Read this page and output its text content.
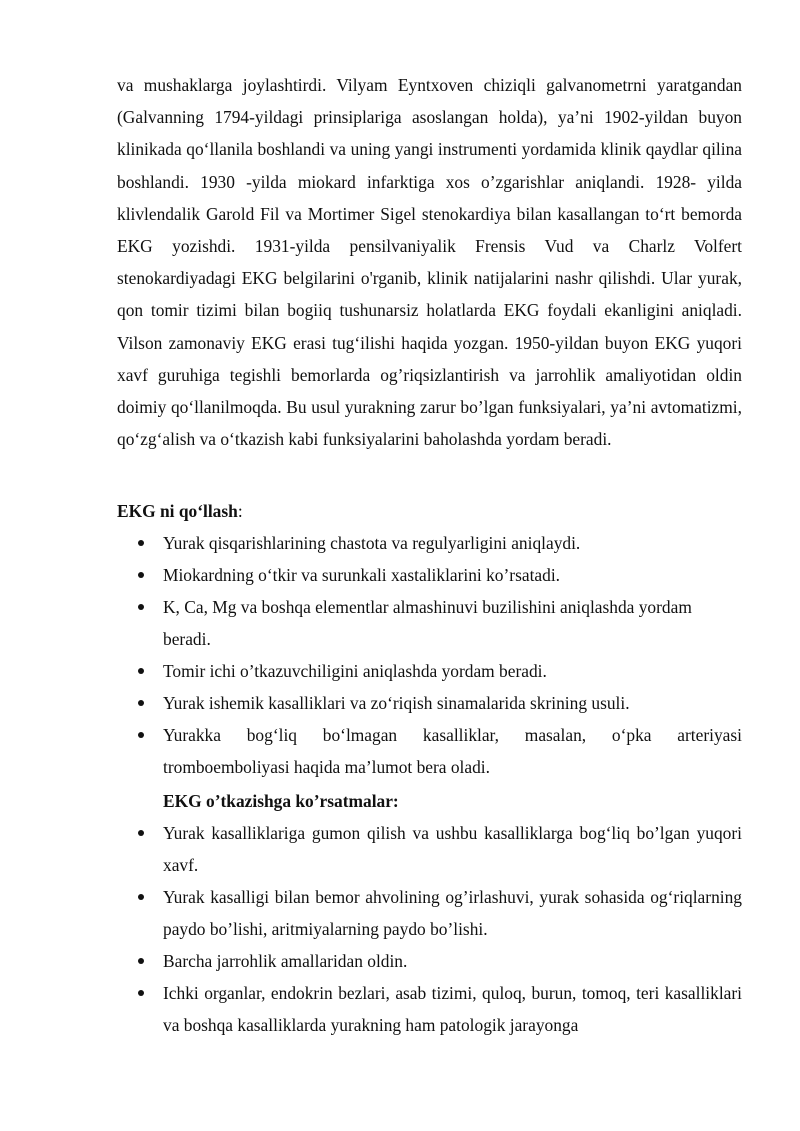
va mushaklarga joylashtirdi. Vilyam Eyntxoven chiziqli galvanometrni yaratgandan (Galvanning 1794-yildagi prinsiplariga asoslangan holda), ya’ni 1902-yildan buyon klinikada qo‘llanila boshlandi va uning yangi instrumenti yordamida klinik qaydlar qilina boshlandi. 1930 -yilda miokard infarktiga xos o’zgarishlar aniqlandi. 1928- yilda klivlendalik Garold Fil va Mortimer Sigel stenokardiya bilan kasallangan to‘rt bemorda EKG yozishdi. 1931-yilda pensilvaniyalik Frensis Vud va Charlz Volfert stenokardiyadagi EKG belgilarini o'rganib, klinik natijalarini nashr qilishdi. Ular yurak, qon tomir tizimi bilan bogiiq tushunarsiz holatlarda EKG foydali ekanligini aniqladi. Vilson zamonaviy EKG erasi tug‘ilishi haqida yozgan. 1950-yildan buyon EKG yuqori xavf guruhiga tegishli bemorlarda og’riqsizlantirish va jarrohlik amaliyotidan oldin doimiy qo‘llanilmoqda. Bu usul yurakning zarur bo’lgan funksiyalari, ya’ni avtomatizmi, qo‘zg‘alish va o‘tkazish kabi funksiyalarini baholashda yordam beradi.

EKG ni qo‘llash:

Yurak qisqarishlarining chastota va regulyarligini aniqlaydi.
Miokardning o‘tkir va surunkali xastaliklarini ko’rsatadi.
K, Ca, Mg va boshqa elementlar almashinuvi buzilishini aniqlashda yordam beradi.
Tomir ichi o’tkazuvchiligini aniqlashda yordam beradi.
Yurak ishemik kasalliklari va zo‘riqish sinamalarida skrining usuli.
Yurakka bog‘liq bo‘lmagan kasalliklar, masalan, o‘pka arteriyasi tromboemboliyasi haqida ma’lumot bera oladi.

EKG o’tkazishga ko’rsatmalar:

Yurak kasalliklariga gumon qilish va ushbu kasalliklarga bog‘liq bo’lgan yuqori xavf.
Yurak kasalligi bilan bemor ahvolining og’irlashuvi, yurak sohasida og‘riqlarning paydo bo’lishi, aritmiyalarning paydo bo’lishi.
Barcha jarrohlik amallaridan oldin.
Ichki organlar, endokrin bezlari, asab tizimi, quloq, burun, tomoq, teri kasalliklari va boshqa kasalliklarda yurakning ham patologik jarayonga
